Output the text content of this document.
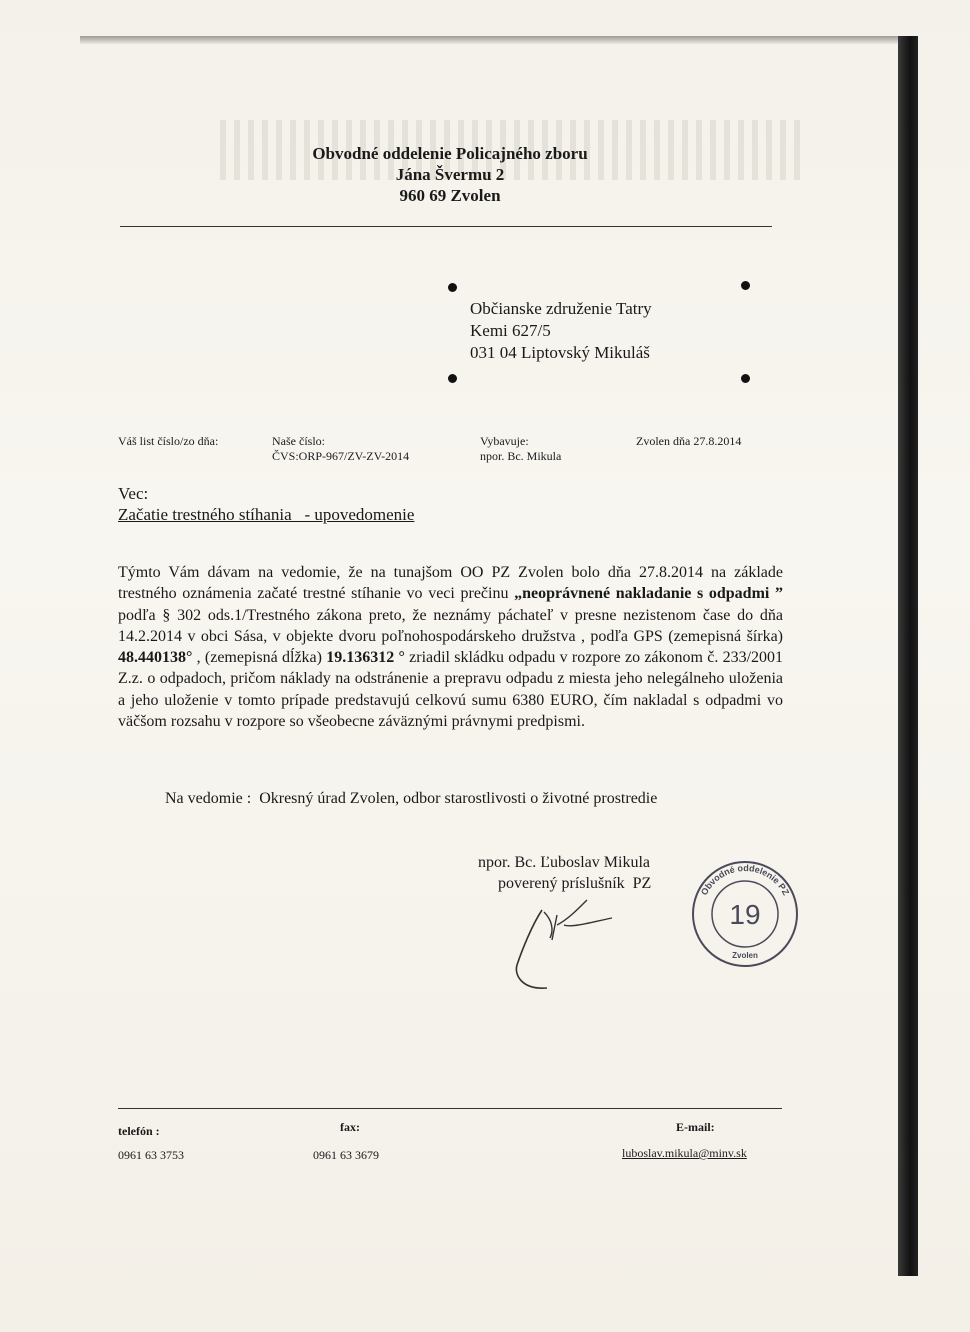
Obvodné oddelenie Policajného zboru
Jána Švermu 2
960 69 Zvolen
Občianske združenie Tatry
Kemi 627/5
031 04 Liptovský Mikuláš
Váš list číslo/zo dňa:	Naše číslo:
ČVS:ORP-967/ZV-ZV-2014
Vybavuje:
npor. Bc. Mikula
Zvolen dňa 27.8.2014
Vec:
Začatie trestného stíhania   - upovedomenie
Týmto Vám dávam na vedomie, že na tunajšom OO PZ Zvolen bolo dňa 27.8.2014 na základe trestného oznámenia začaté trestné stíhanie vo veci prečinu „neoprávnené nakladanie s odpadmi ” podľa § 302 ods.1/Trestného zákona preto, že neznámy páchateľ v presne nezistenom čase do dňa 14.2.2014 v obci Sása, v objekte dvoru poľnohospodárskeho družstva , podľa GPS (zemepisná šírka) 48.440138° , (zemepisná dĺžka) 19.136312 ° zriadil skládku odpadu v rozpore zo zákonom č. 233/2001 Z.z. o odpadoch, pričom náklady na odstránenie a prepravu odpadu z miesta jeho nelegálneho uloženia a jeho uloženie v tomto prípade predstavujú celkovú sumu 6380 EURO, čím nakladal s odpadmi vo väčšom rozsahu v rozpore so všeobecne záväznými právnymi predpismi.
Na vedomie :  Okresný úrad Zvolen, odbor starostlivosti o životné prostredie
npor. Bc. Ľuboslav Mikula
poverený príslušník  PZ	Obvodné oddelenie PZ
19
Zvolen
telefón :
0961 63 3753
fax:
0961 63 3679
E-mail:
luboslav.mikula@minv.sk
